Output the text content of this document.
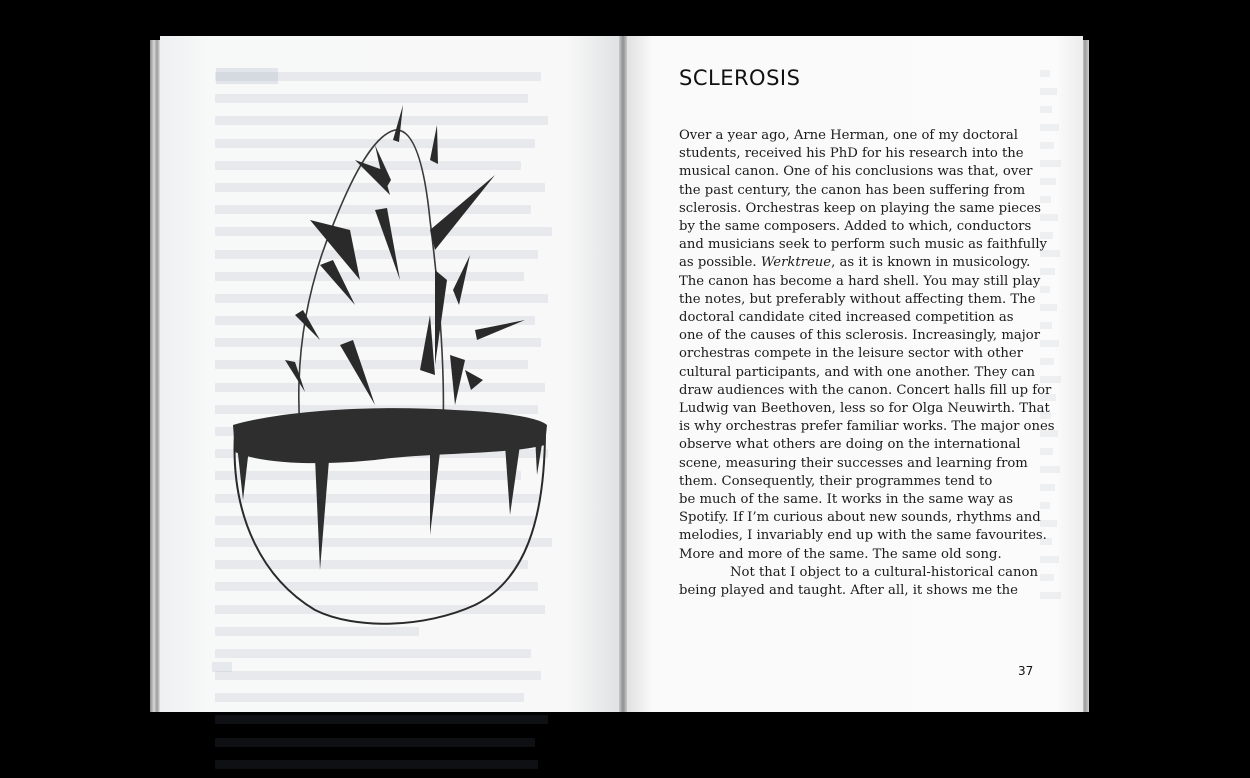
SCLEROSIS

Over a year ago, Arne Herman, one of my doctoral
students, received his PhD for his research into the
musical canon. One of his conclusions was that, over
the past century, the canon has been suffering from
sclerosis. Orchestras keep on playing the same pieces
by the same composers. Added to which, conductors
and musicians seek to perform such music as faithfully
as possible. Werktreue, as it is known in musicology.
The canon has become a hard shell. You may still play
the notes, but preferably without affecting them. The
doctoral candidate cited increased competition as
one of the causes of this sclerosis. Increasingly, major
orchestras compete in the leisure sector with other
cultural participants, and with one another. They can
draw audiences with the canon. Concert halls fill up for
Ludwig van Beethoven, less so for Olga Neuwirth. That
is why orchestras prefer familiar works. The major ones
observe what others are doing on the international
scene, measuring their successes and learning from
them. Consequently, their programmes tend to
be much of the same. It works in the same way as
Spotify. If I’m curious about new sounds, rhythms and
melodies, I invariably end up with the same favourites.
More and more of the same. The same old song.
Not that I object to a cultural-historical canon
being played and taught. After all, it shows me the

37
